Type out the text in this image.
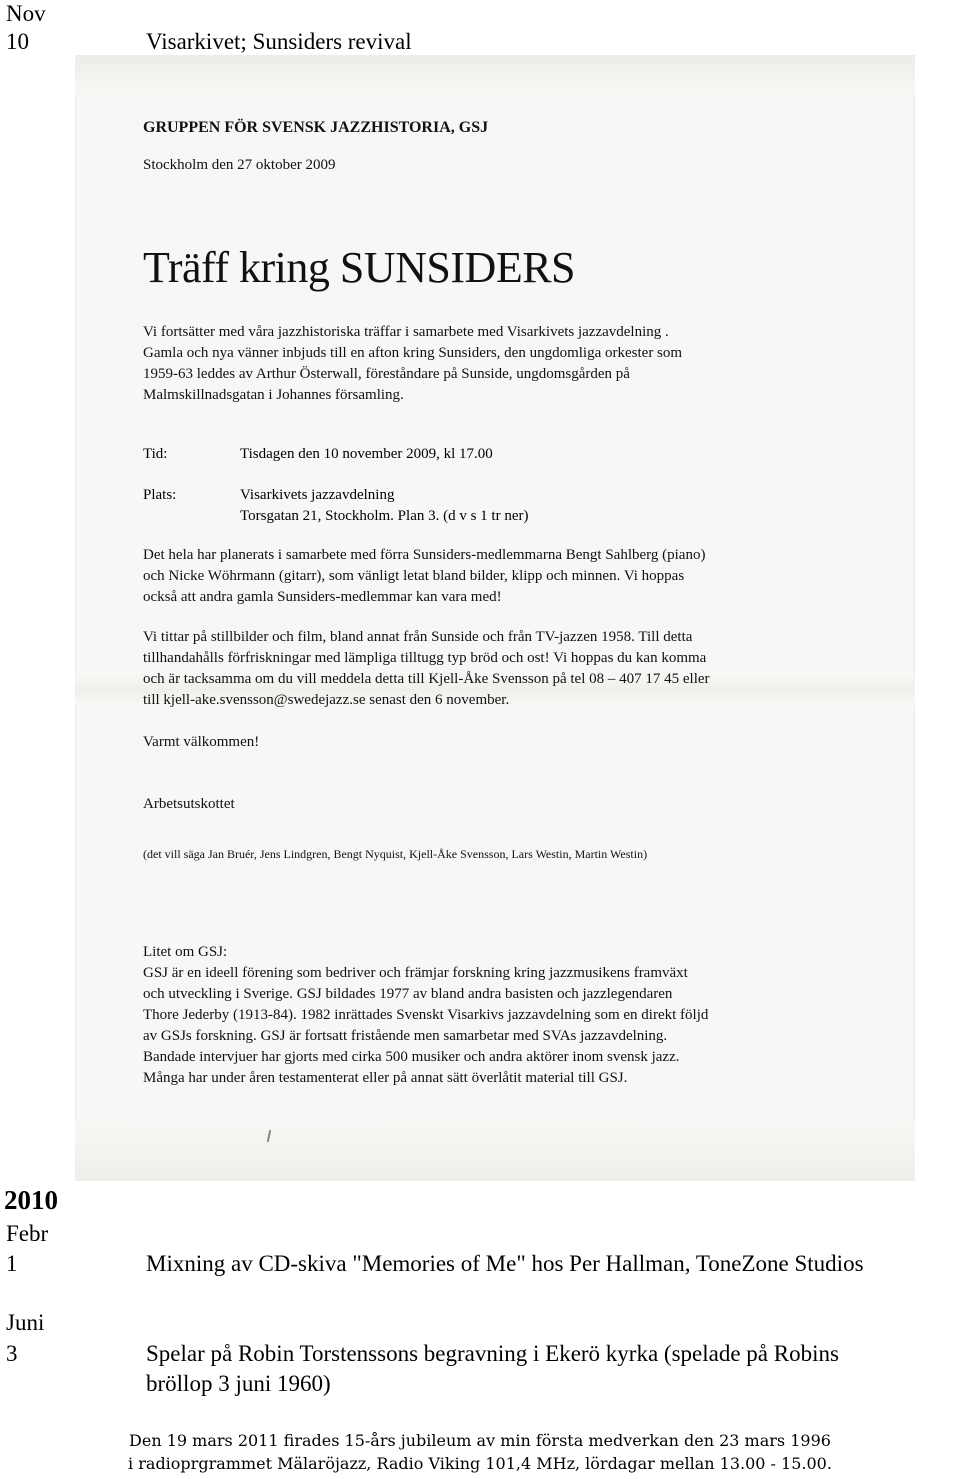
Nov
10	Visarkivet; Sunsiders revival
GRUPPEN FÖR SVENSK JAZZHISTORIA, GSJ
Stockholm den 27 oktober 2009
Träff kring SUNSIDERS
Vi fortsätter med våra jazzhistoriska träffar i samarbete med Visarkivets jazzavdelning .
Gamla och nya vänner inbjuds till en afton kring Sunsiders, den ungdomliga orkester som
1959-63 leddes av Arthur Österwall, föreståndare på Sunside, ungdomsgården på
Malmskillnadsgatan i Johannes församling.
Tid:	Tisdagen den 10 november 2009, kl 17.00
Plats:	Visarkivets jazzavdelning
Torsgatan 21, Stockholm. Plan 3. (d v s 1 tr ner)
Det hela har planerats i samarbete med förra Sunsiders-medlemmarna Bengt Sahlberg (piano)
och Nicke Wöhrmann (gitarr), som vänligt letat bland bilder, klipp och minnen. Vi hoppas
också att andra gamla Sunsiders-medlemmar kan vara med!
Vi tittar på stillbilder och film, bland annat från Sunside och från TV-jazzen 1958. Till detta
tillhandahålls förfriskningar med lämpliga tilltugg typ bröd och ost! Vi hoppas du kan komma
och är tacksamma om du vill meddela detta till Kjell-Åke Svensson på tel 08 – 407 17 45 eller
till kjell-ake.svensson@swedejazz.se senast den 6 november.
Varmt välkommen!
Arbetsutskottet
(det vill säga Jan Bruér, Jens Lindgren, Bengt Nyquist, Kjell-Åke Svensson, Lars Westin, Martin Westin)
Litet om GSJ:
GSJ är en ideell förening som bedriver och främjar forskning kring jazzmusikens framväxt
och utveckling i Sverige. GSJ bildades 1977 av bland andra basisten och jazzlegendaren
Thore Jederby (1913-84). 1982 inrättades Svenskt Visarkivs jazzavdelning som en direkt följd
av GSJs forskning. GSJ är fortsatt fristående men samarbetar med SVAs jazzavdelning.
Bandade intervjuer har gjorts med cirka 500 musiker och andra aktörer inom svensk jazz.
Många har under åren testamenterat eller på annat sätt överlåtit material till GSJ.
2010
Febr
1	Mixning av CD-skiva "Memories of Me" hos Per Hallman, ToneZone Studios
Juni
3	Spelar på Robin Torstenssons begravning i Ekerö kyrka (spelade på Robins
bröllop 3 juni 1960)
Den 19 mars 2011 firades 15-års jubileum av min första medverkan den 23 mars 1996
i radioprgrammet Mälaröjazz, Radio Viking 101,4 MHz, lördagar mellan 13.00 - 15.00.
